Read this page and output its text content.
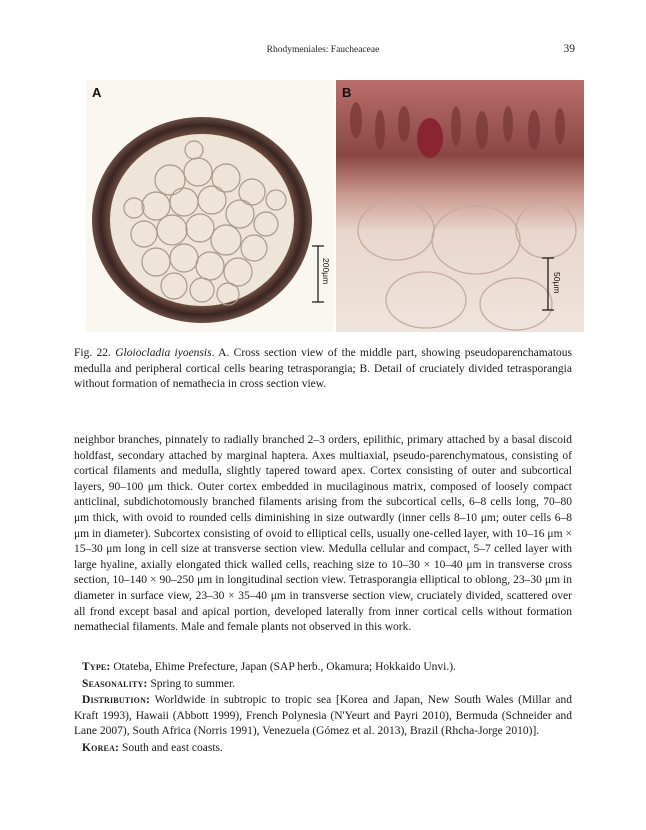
Rhodymeniales: Faucheaceae	39
A
200μm
B
50μm
Fig. 22. Gloiocladia iyoensis. A. Cross section view of the middle part, showing pseudoparenchamatous medulla and peripheral cortical cells bearing tetrasporangia; B. Detail of cruciately divided tetrasporangia without formation of nemathecia in cross section view.

neighbor branches, pinnately to radially branched 2–3 orders, epilithic, primary attached by a basal discoid holdfast, secondary attached by marginal haptera. Axes multiaxial, pseudo-parenchymatous, consisting of cortical filaments and medulla, slightly tapered toward apex. Cortex consisting of outer and subcortical layers, 90–100 μm thick. Outer cortex embedded in mucilaginous matrix, composed of loosely compact anticlinal, subdichotomously branched filaments arising from the subcortical cells, 6–8 cells long, 70–80 μm thick, with ovoid to rounded cells diminishing in size outwardly (inner cells 8–10 μm; outer cells 6–8 μm in diameter). Subcortex consisting of ovoid to elliptical cells, usually one-celled layer, with 10–16 μm × 15–30 μm long in cell size at transverse section view. Medulla cellular and compact, 5–7 celled layer with large hyaline, axially elongated thick walled cells, reaching size to 10–30 × 10–40 μm in transverse cross section, 10–140 × 90–250 μm in longitudinal section view. Tetrasporangia elliptical to oblong, 23–30 μm in diameter in surface view, 23–30 × 35–40 μm in transverse section view, cruciately divided, scattered over all frond except basal and apical portion, developed laterally from inner cortical cells without formation nemathecial filaments. Male and female plants not observed in this work.

Type: Otateba, Ehime Prefecture, Japan (SAP herb., Okamura; Hokkaido Unvi.).

Seasonality: Spring to summer.

Distribution: Worldwide in subtropic to tropic sea [Korea and Japan, New South Wales (Millar and Kraft 1993), Hawaii (Abbott 1999), French Polynesia (N'Yeurt and Payri 2010), Bermuda (Schneider and Lane 2007), South Africa (Norris 1991), Venezuela (Gómez et al. 2013), Brazil (Rhcha-Jorge 2010)].

Korea: South and east coasts.
